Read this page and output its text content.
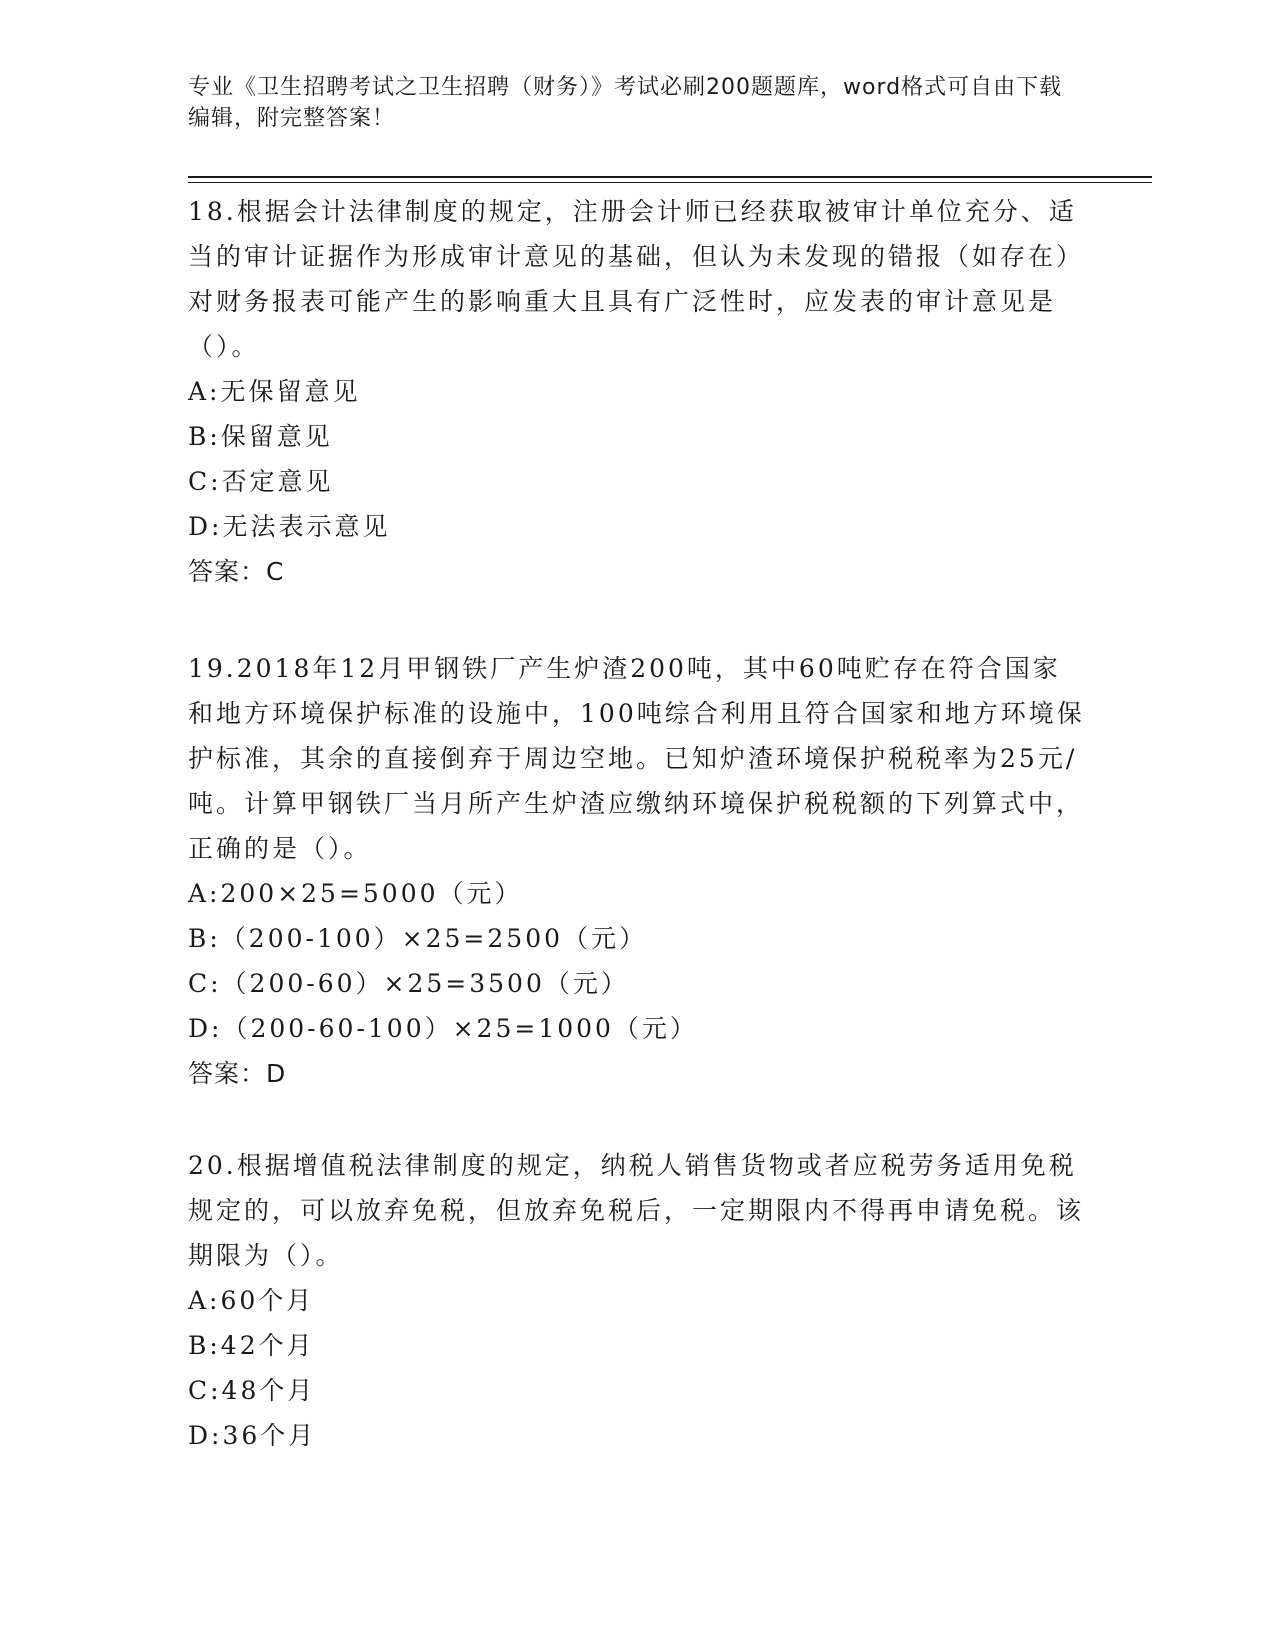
专业《卫生招聘考试之卫生招聘（财务）》考试必刷200题题库，word格式可自由下载编辑，附完整答案！

18.根据会计法律制度的规定，注册会计师已经获取被审计单位充分、适当的审计证据作为形成审计意见的基础，但认为未发现的错报（如存在）对财务报表可能产生的影响重大且具有广泛性时，应发表的审计意见是（）。

A:无保留意见

B:保留意见

C:否定意见

D:无法表示意见

答案：C

19.2018年12月甲钢铁厂产生炉渣200吨，其中60吨贮存在符合国家和地方环境保护标准的设施中，100吨综合利用且符合国家和地方环境保护标准，其余的直接倒弃于周边空地。已知炉渣环境保护税税率为25元/吨。计算甲钢铁厂当月所产生炉渣应缴纳环境保护税税额的下列算式中，正确的是（）。

A:200×25=5000（元）

B:（200-100）×25=2500（元）

C:（200-60）×25=3500（元）

D:（200-60-100）×25=1000（元）

答案：D

20.根据增值税法律制度的规定，纳税人销售货物或者应税劳务适用免税规定的，可以放弃免税，但放弃免税后，一定期限内不得再申请免税。该期限为（）。

A:60个月

B:42个月

C:48个月

D:36个月
